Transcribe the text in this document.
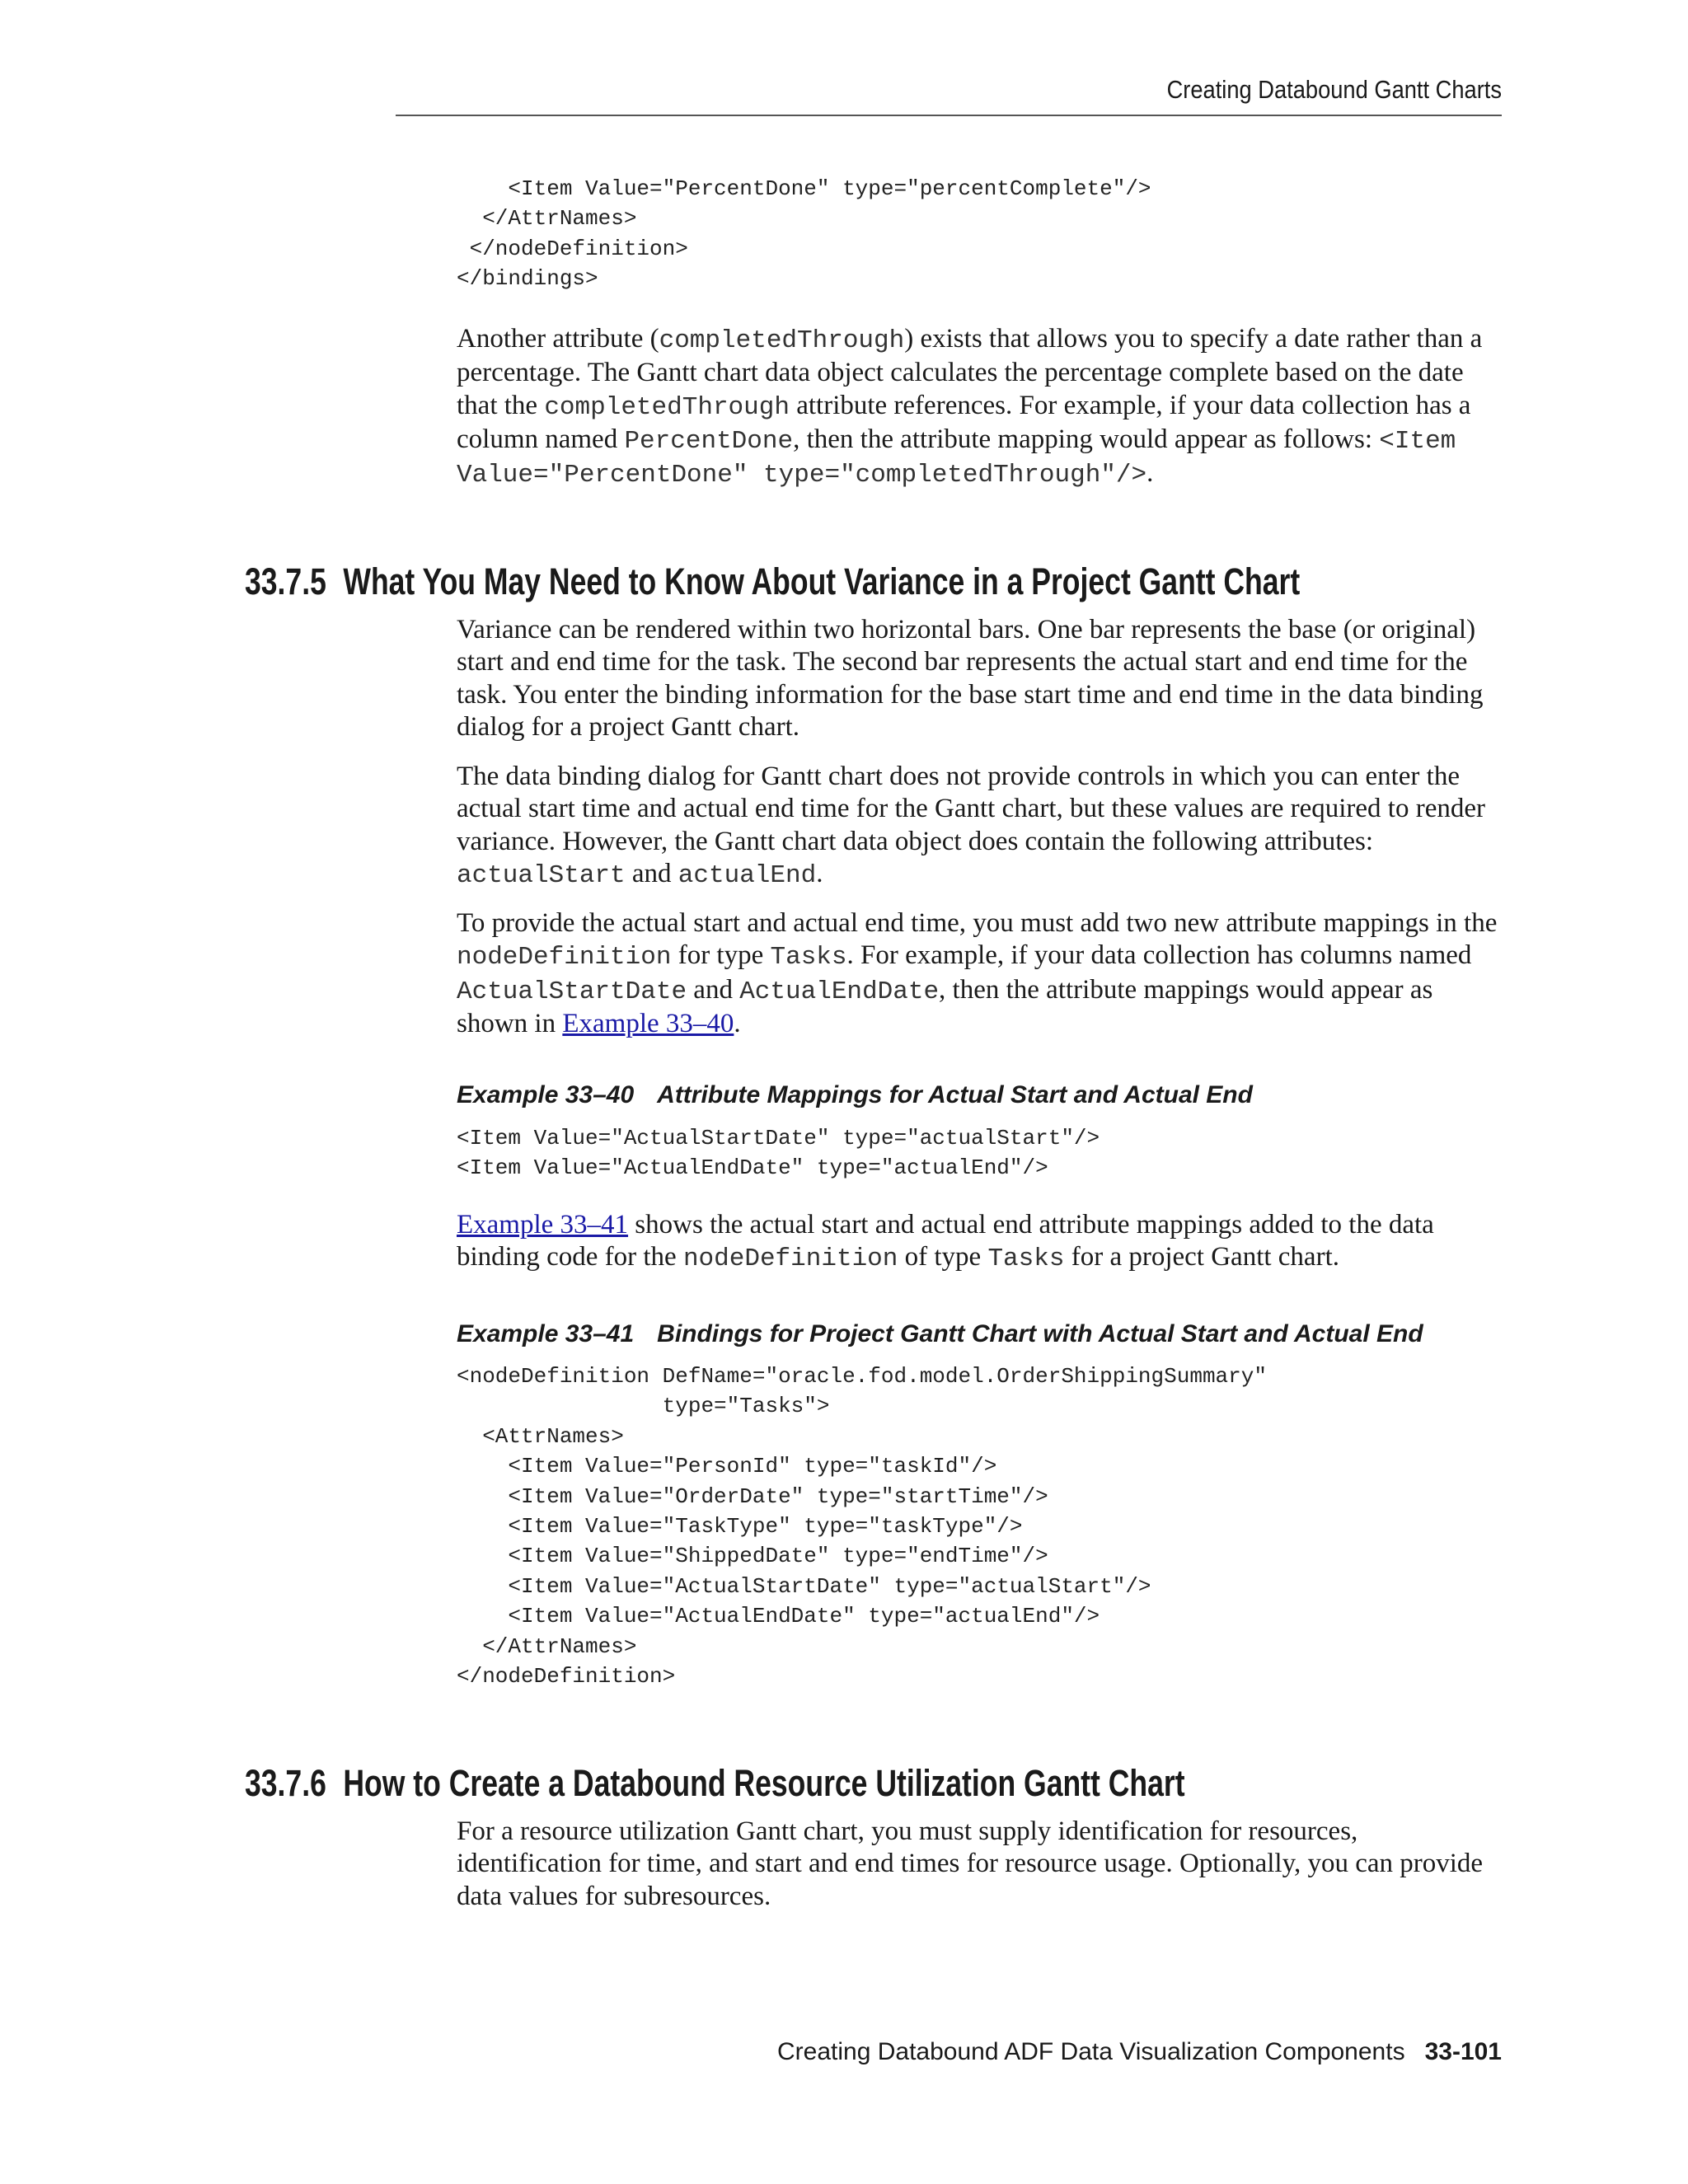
Creating Databound Gantt Charts
<Item Value="PercentDone" type="percentComplete"/>
</AttrNames>
</nodeDefinition>
</bindings>

Another attribute (completedThrough) exists that allows you to specify a date rather than a percentage. The Gantt chart data object calculates the percentage complete based on the date that the completedThrough attribute references. For example, if your data collection has a column named PercentDone, then the attribute mapping would appear as follows: <Item Value="PercentDone" type="completedThrough"/>.

33.7.5 What You May Need to Know About Variance in a Project Gantt Chart

Variance can be rendered within two horizontal bars. One bar represents the base (or original) start and end time for the task. The second bar represents the actual start and end time for the task. You enter the binding information for the base start time and end time in the data binding dialog for a project Gantt chart.

The data binding dialog for Gantt chart does not provide controls in which you can enter the actual start time and actual end time for the Gantt chart, but these values are required to render variance. However, the Gantt chart data object does contain the following attributes: actualStart and actualEnd.

To provide the actual start and actual end time, you must add two new attribute mappings in the nodeDefinition for type Tasks. For example, if your data collection has columns named ActualStartDate and ActualEndDate, then the attribute mappings would appear as shown in Example 33–40.

Example 33–40 Attribute Mappings for Actual Start and Actual End

<Item Value="ActualStartDate" type="actualStart"/>
<Item Value="ActualEndDate" type="actualEnd"/>

Example 33–41 shows the actual start and actual end attribute mappings added to the data binding code for the nodeDefinition of type Tasks for a project Gantt chart.

Example 33–41 Bindings for Project Gantt Chart with Actual Start and Actual End

<nodeDefinition DefName="oracle.fod.model.OrderShippingSummary"
type="Tasks">
<AttrNames>
<Item Value="PersonId" type="taskId"/>
<Item Value="OrderDate" type="startTime"/>
<Item Value="TaskType" type="taskType"/>
<Item Value="ShippedDate" type="endTime"/>
<Item Value="ActualStartDate" type="actualStart"/>
<Item Value="ActualEndDate" type="actualEnd"/>
</AttrNames>
</nodeDefinition>
33.7.6 How to Create a Databound Resource Utilization Gantt Chart

For a resource utilization Gantt chart, you must supply identification for resources, identification for time, and start and end times for resource usage. Optionally, you can provide data values for subresources.

Creating Databound ADF Data Visualization Components 33-101
